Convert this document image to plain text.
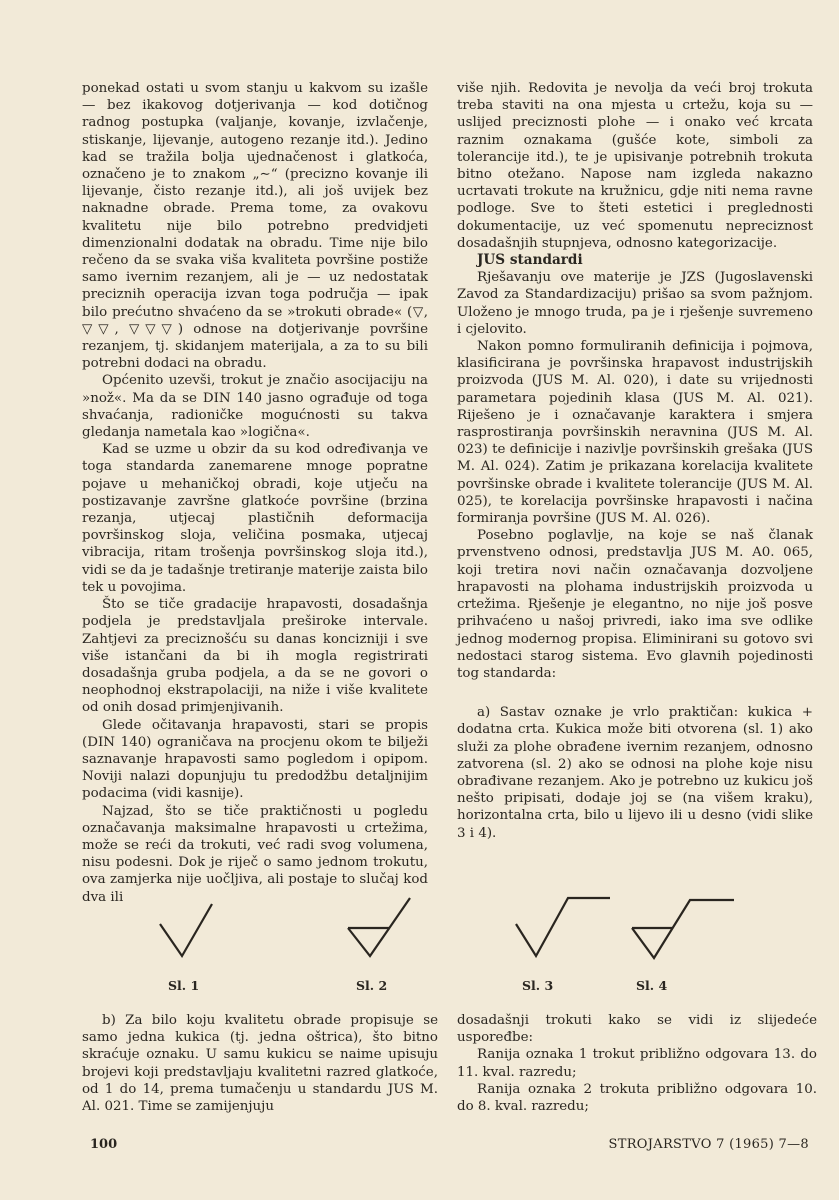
ponekad ostati u svom stanju u kakvom su izašle — bez ikakovog dotjerivanja — kod dotičnog radnog postupka (valjanje, kovanje, izvlačenje, stiskanje, lijevanje, autogeno rezanje itd.). Jedino kad se tražila bolja ujednačenost i glatkoća, označeno je to znakom „∼“ (precizno kovanje ili lijevanje, čisto rezanje itd.), ali još uvijek bez naknadne obrade. Prema tome, za ovakovu kvalitetu nije bilo potrebno predvidjeti dimenzionalni dodatak na obradu. Time nije bilo rečeno da se svaka viša kvaliteta površine postiže samo ivernim rezanjem, ali je — uz nedostatak preciznih operacija izvan toga područja — ipak bilo prećutno shvaćeno da se »trokuti obrade« (▽, ▽▽, ▽▽▽) odnose na dotjerivanje površine rezanjem, tj. skidanjem materijala, a za to su bili potrebni dodaci na obradu.

Općenito uzevši, trokut je značio asocijaciju na »nož«. Ma da se DIN 140 jasno ograđuje od toga shvaćanja, radioničke mogućnosti su takva gledanja nametala kao »logična«.

Kad se uzme u obzir da su kod određivanja ve toga standarda zanemarene mnoge popratne pojave u mehaničkoj obradi, koje utječu na postizavanje završne glatkoće površine (brzina rezanja, utjecaj plastičnih deformacija površinskog sloja, veličina posmaka, utjecaj vibracija, ritam trošenja površinskog sloja itd.), vidi se da je tadašnje tretiranje materije zaista bilo tek u povojima.

Što se tiče gradacije hrapavosti, dosadašnja podjela je predstavljala preširoke intervale. Zahtjevi za preciznošću su danas koncizniji i sve više istančani da bi ih mogla registrirati dosadašnja gruba podjela, a da se ne govori o neophodnoj ekstrapolaciji, na niže i više kvalitete od onih dosad primjenjivanih.

Glede očitavanja hrapavosti, stari se propis (DIN 140) ograničava na procjenu okom te bilježi saznavanje hrapavosti samo pogledom i opipom. Noviji nalazi dopunjuju tu predodžbu detaljnijim podacima (vidi kasnije).

Najzad, što se tiče praktičnosti u pogledu označavanja maksimalne hrapavosti u crtežima, može se reći da trokuti, već radi svog volumena, nisu podesni. Dok je riječ o samo jednom trokutu, ova zamjerka nije uočljiva, ali postaje to slučaj kod dva ili

više njih. Redovita je nevolja da veći broj trokuta treba staviti na ona mjesta u crtežu, koja su — uslijed preciznosti plohe — i onako već krcata raznim oznakama (gušće kote, simboli za tolerancije itd.), te je upisivanje potrebnih trokuta bitno otežano. Napose nam izgleda nakazno ucrtavati trokute na kružnicu, gdje niti nema ravne podloge. Sve to šteti estetici i preglednosti dokumentacije, uz već spomenutu nepreciznost dosadašnjih stupnjeva, odnosno kategorizacije.

JUS standardi

Rješavanju ove materije je JZS (Jugoslavenski Zavod za Standardizaciju) prišao sa svom pažnjom. Uloženo je mnogo truda, pa je i rješenje suvremeno i cjelovito.

Nakon pomno formuliranih definicija i pojmova, klasificirana je površinska hrapavost industrijskih proizvoda (JUS M. Al. 020), i date su vrijednosti parametara pojedinih klasa (JUS M. Al. 021). Riješeno je i označavanje karaktera i smjera rasprostiranja površinskih neravnina (JUS M. Al. 023) te definicije i nazivlje površinskih grešaka (JUS M. Al. 024). Zatim je prikazana korelacija kvalitete površinske obrade i kvalitete tolerancije (JUS M. Al. 025), te korelacija površinske hrapavosti i načina formiranja površine (JUS M. Al. 026).

Posebno poglavlje, na koje se naš članak prvenstveno odnosi, predstavlja JUS M. A0. 065, koji tretira novi način označavanja dozvoljene hrapavosti na plohama industrijskih proizvoda u crtežima. Rješenje je elegantno, no nije još posve prihvaćeno u našoj privredi, iako ima sve odlike jednog modernog propisa. Eliminirani su gotovo svi nedostaci starog sistema. Evo glavnih pojedinosti tog standarda:

a) Sastav oznake je vrlo praktičan: kukica + dodatna crta. Kukica može biti otvorena (sl. 1) ako služi za plohe obrađene ivernim rezanjem, odnosno zatvorena (sl. 2) ako se odnosi na plohe koje nisu obrađivane rezanjem. Ako je potrebno uz kukicu još nešto pripisati, dodaje joj se (na višem kraku), horizontalna crta, bilo u lijevo ili u desno (vidi slike 3 i 4).

Sl. 1	Sl. 2	Sl. 3	Sl. 4

b) Za bilo koju kvalitetu obrade propisuje se samo jedna kukica (tj. jedna oštrica), što bitno skraćuje oznaku. U samu kukicu se naime upisuju brojevi koji predstavljaju kvalitetni razred glatkoće, od 1 do 14, prema tumačenju u standardu JUS M. Al. 021. Time se zamijenjuju

dosadašnji trokuti kako se vidi iz slijedeće uspoređbe:

Ranija oznaka 1 trokut približno odgovara 13. do 11. kval. razredu;

Ranija oznaka 2 trokuta približno odgovara 10. do 8. kval. razredu;

100	STROJARSTVO 7 (1965) 7—8
